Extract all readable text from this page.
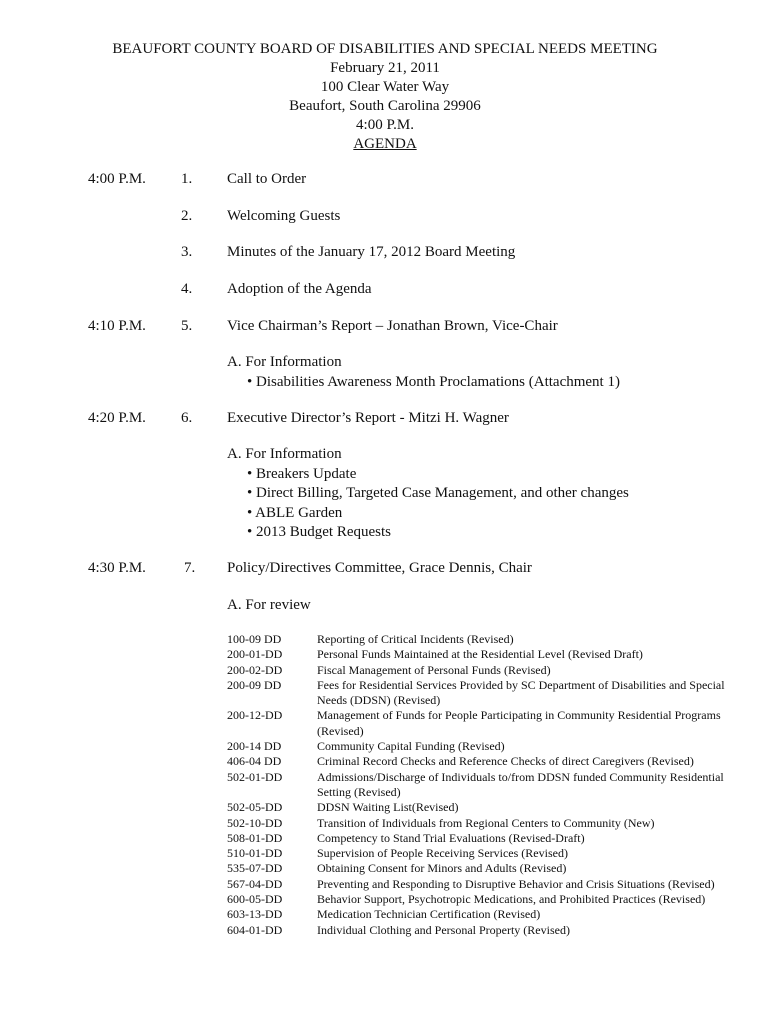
BEAUFORT COUNTY BOARD OF DISABILITIES AND SPECIAL NEEDS MEETING
February 21, 2011
100 Clear Water Way
Beaufort, South Carolina 29906
4:00 P.M.
AGENDA
4:00 P.M. 1. Call to Order
2. Welcoming Guests
3. Minutes of the January 17, 2012 Board Meeting
4. Adoption of the Agenda
4:10 P.M. 5. Vice Chairman’s Report – Jonathan Brown, Vice-Chair
A. For Information
• Disabilities Awareness Month Proclamations (Attachment 1)
4:20 P.M. 6. Executive Director’s Report - Mitzi H. Wagner
A. For Information
• Breakers Update
• Direct Billing, Targeted Case Management, and other changes
• ABLE Garden
• 2013 Budget Requests
4:30 P.M.	7. Policy/Directives Committee, Grace Dennis, Chair
A. For review
100-09 DD	Reporting of Critical Incidents (Revised)
200-01-DD	Personal Funds Maintained at the Residential Level (Revised Draft)
200-02-DD	Fiscal Management of Personal Funds (Revised)
200-09 DD	Fees for Residential Services Provided by SC Department of Disabilities and Special Needs (DDSN) (Revised)
200-12-DD	Management of Funds for People Participating in Community Residential Programs (Revised)
200-14 DD	Community Capital Funding (Revised)
406-04 DD	Criminal Record Checks and Reference Checks of direct Caregivers (Revised)
502-01-DD	Admissions/Discharge of Individuals to/from DDSN funded Community Residential Setting (Revised)
502-05-DD	DDSN Waiting List(Revised)
502-10-DD	Transition of Individuals from Regional Centers to Community (New)
508-01-DD	Competency to Stand Trial Evaluations (Revised-Draft)
510-01-DD	Supervision of People Receiving Services (Revised)
535-07-DD	Obtaining Consent for Minors and Adults (Revised)
567-04-DD	Preventing and Responding to Disruptive Behavior and Crisis Situations (Revised)
600-05-DD	Behavior Support, Psychotropic Medications, and Prohibited Practices (Revised)
603-13-DD	Medication Technician Certification (Revised)
604-01-DD	Individual Clothing and Personal Property (Revised)
